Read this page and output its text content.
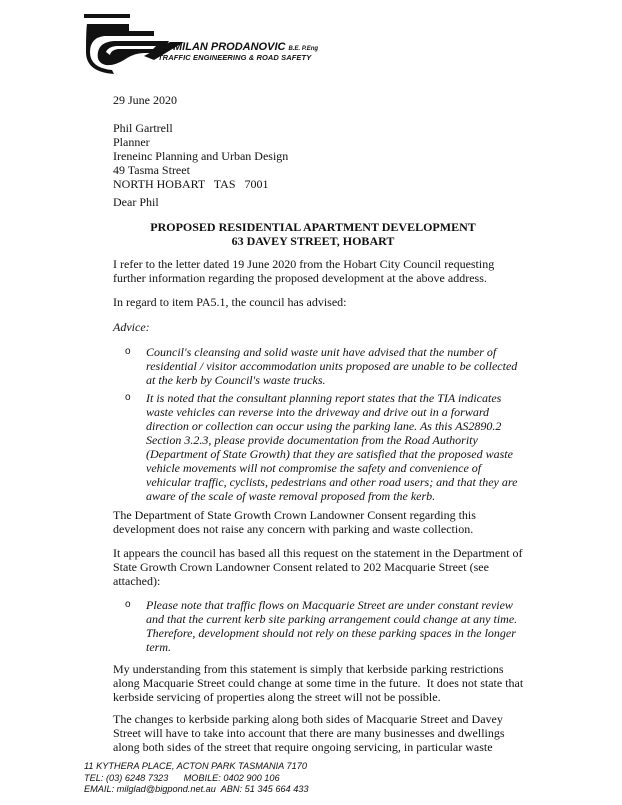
MILAN PRODANOVIC B.E. P.Eng
TRAFFIC ENGINEERING & ROAD SAFETY
29 June 2020
Phil Gartrell
Planner
Ireneinc Planning and Urban Design
49 Tasma Street
NORTH HOBART   TAS   7001
Dear Phil
PROPOSED RESIDENTIAL APARTMENT DEVELOPMENT
63 DAVEY STREET, HOBART
I refer to the letter dated 19 June 2020 from the Hobart City Council requesting
further information regarding the proposed development at the above address.
In regard to item PA5.1, the council has advised:
Advice:
o Council's cleansing and solid waste unit have advised that the number of
residential / visitor accommodation units proposed are unable to be collected
at the kerb by Council's waste trucks.
o It is noted that the consultant planning report states that the TIA indicates
waste vehicles can reverse into the driveway and drive out in a forward
direction or collection can occur using the parking lane. As this AS2890.2
Section 3.2.3, please provide documentation from the Road Authority
(Department of State Growth) that they are satisfied that the proposed waste
vehicle movements will not compromise the safety and convenience of
vehicular traffic, cyclists, pedestrians and other road users; and that they are
aware of the scale of waste removal proposed from the kerb.
The Department of State Growth Crown Landowner Consent regarding this
development does not raise any concern with parking and waste collection.
It appears the council has based all this request on the statement in the Department of
State Growth Crown Landowner Consent related to 202 Macquarie Street (see
attached):
o Please note that traffic flows on Macquarie Street are under constant review
and that the current kerb site parking arrangement could change at any time.
Therefore, development should not rely on these parking spaces in the longer
term.
My understanding from this statement is simply that kerbside parking restrictions
along Macquarie Street could change at some time in the future.  It does not state that
kerbside servicing of properties along the street will not be possible.
The changes to kerbside parking along both sides of Macquarie Street and Davey
Street will have to take into account that there are many businesses and dwellings
along both sides of the street that require ongoing servicing, in particular waste
11 KYTHERA PLACE, ACTON PARK TASMANIA 7170
TEL: (03) 6248 7323      MOBILE: 0402 900 106
EMAIL: milglad@bigpond.net.au  ABN: 51 345 664 433
